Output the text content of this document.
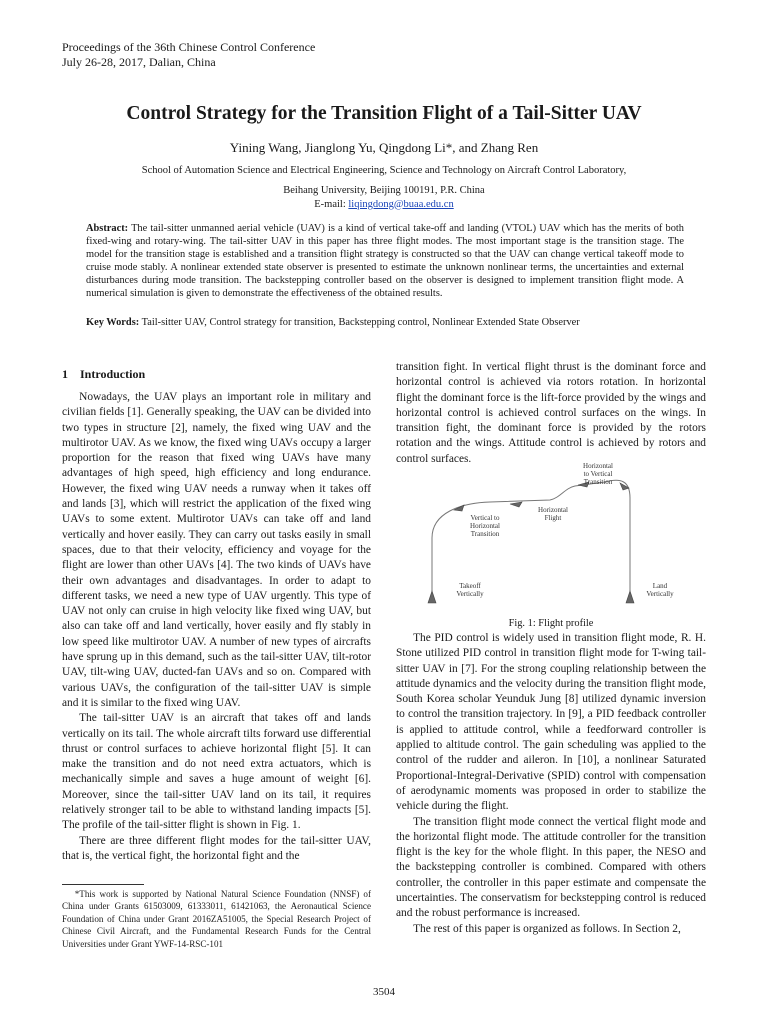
Proceedings of the 36th Chinese Control Conference
July 26-28, 2017, Dalian, China
Control Strategy for the Transition Flight of a Tail-Sitter UAV
Yining Wang, Jianglong Yu, Qingdong Li*, and Zhang Ren
School of Automation Science and Electrical Engineering, Science and Technology on Aircraft Control Laboratory,
Beihang University, Beijing 100191, P.R. China
E-mail: liqingdong@buaa.edu.cn
Abstract: The tail-sitter unmanned aerial vehicle (UAV) is a kind of vertical take-off and landing (VTOL) UAV which has the merits of both fixed-wing and rotary-wing. The tail-sitter UAV in this paper has three flight modes. The most important stage is the transition stage. The model for the transition stage is established and a transition flight strategy is constructed so that the UAV can change vertical takeoff mode to cruise mode stably. A nonlinear extended state observer is presented to estimate the unknown nonlinear terms, the uncertainties and external disturbances during mode transition. The backstepping controller based on the observer is designed to implement transition flight mode. A numerical simulation is given to demonstrate the effectiveness of the obtained results.
Key Words: Tail-sitter UAV, Control strategy for transition, Backstepping control, Nonlinear Extended State Observer
1 Introduction

Nowadays, the UAV plays an important role in military and civilian fields [1]. Generally speaking, the UAV can be divided into two types in structure [2], namely, the fixed wing UAV and the multirotor UAV. As we know, the fixed wing UAVs occupy a larger proportion for the reason that fixed wing UAVs have many advantages of high speed, high efficiency and long endurance. However, the fixed wing UAV needs a runway when it takes off and lands [3], which will restrict the application of the fixed wing UAVs to some extent. Multirotor UAVs can take off and land vertically and hover easily. They can carry out tasks easily in small spaces, due to that their velocity, efficiency and voyage for the flight are lower than other UAVs [4]. The two kinds of UAVs have their own advantages and disadvantages. In order to adapt to different tasks, we need a new type of UAV urgently. This type of UAV not only can cruise in high velocity like fixed wing UAV, but also can take off and land vertically, hover easily and fly stably in low speed like multirotor UAV. A number of new types of aircrafts have sprung up in this demand, such as the tail-sitter UAV, tilt-rotor UAV, tilt-wing UAV, ducted-fan UAVs and so on. Compared with various UAVs, the configuration of the tail-sitter UAV is simple and it is similar to the fixed wing UAV.

The tail-sitter UAV is an aircraft that takes off and lands vertically on its tail. The whole aircraft tilts forward use differential thrust or control surfaces to achieve horizontal flight [5]. It can make the transition and do not need extra actuators, which is mechanically simple and saves a huge amount of weight [6]. Moreover, since the tail-sitter UAV land on its tail, it requires relatively stronger tail to be able to withstand landing impacts [5]. The profile of the tail-sitter flight is shown in Fig. 1.

There are three different flight modes for the tail-sitter UAV, that is, the vertical fight, the horizontal fight and the

*This work is supported by National Natural Science Foundation (NNSF) of China under Grants 61503009, 61333011, 61421063, the Aeronautical Science Foundation of China under Grant 2016ZA51005, the Special Research Project of Chinese Civil Aircraft, and the Fundamental Research Funds for the Central Universities under Grant YWF-14-RSC-101

transition fight. In vertical flight thrust is the dominant force and horizontal control is achieved via rotors rotation. In horizontal flight the dominant force is the lift-force provided by the wings and horizontal control is achieved control surfaces on the wings. In transition fight, the dominant force is provided by the rotors rotation and the wings. Attitude control is achieved by rotors and control surfaces.

Horizontal
to Vertical
Transition
Vertical to
Horizontal
Transition
Horizontal
Flight
Takeoff
Vertically
Land
Vertically
Fig. 1: Flight profile

The PID control is widely used in transition flight mode, R. H. Stone utilized PID control in transition flight mode for T-wing tail-sitter UAV in [7]. For the strong coupling relationship between the attitude dynamics and the velocity during the transition flight mode, South Korea scholar Yeunduk Jung [8] utilized dynamic inversion to control the transition trajectory. In [9], a PID feedback controller is applied to attitude control, while a feedforward controller is applied to altitude control. The gain scheduling was applied to the control of the rudder and aileron. In [10], a nonlinear Saturated Proportional-Integral-Derivative (SPID) control with compensation of aerodynamic moments was proposed in order to stabilize the vehicle during the flight.

The transition flight mode connect the vertical flight mode and the horizontal flight mode. The attitude controller for the transition flight is the key for the whole flight. In this paper, the NESO and the backstepping controller is combined. Compared with others controller, the controller in this paper estimate and compensate the uncertainties. The conservatism for beckstepping control is reduced and the robust performance is increased.

The rest of this paper is organized as follows. In Section 2,

3504
